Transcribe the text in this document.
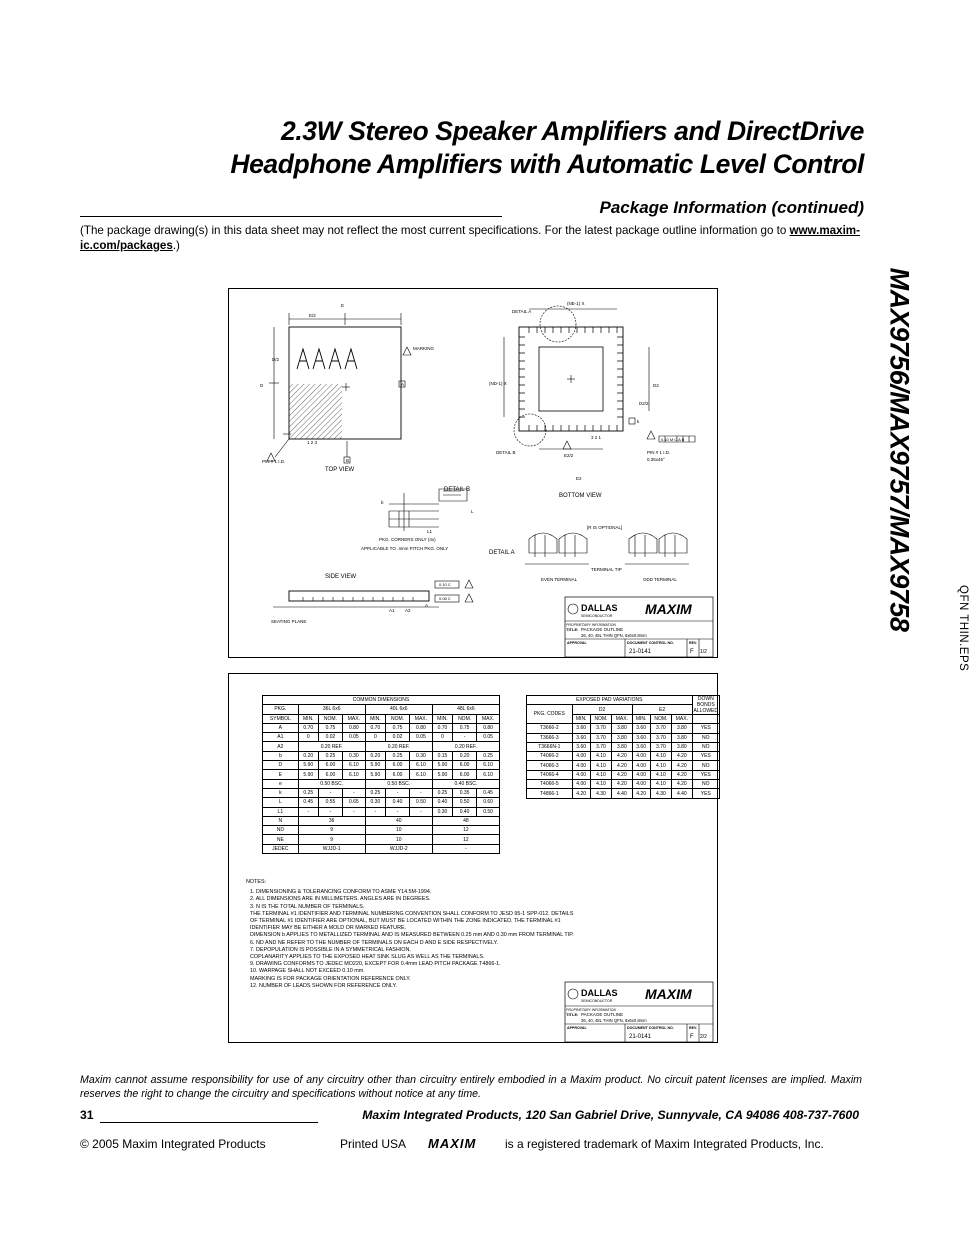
2.3W Stereo Speaker Amplifiers and DirectDrive
Headphone Amplifiers with Automatic Level Control
Package Information (continued)
(The package drawing(s) in this data sheet may not reflect the most current specifications. For the latest package outline information go to www.maxim-ic.com/packages.)
MAX9756/MAX9757/MAX9758
E
E/2
D/2
D	A
B
MARKING
1 2 3
PIN # 1 I.D.
TOP VIEW
(NE-1) X
DETAIL A
(ND-1) X	D2
D2/2
k
3 2 1
DETAIL B
E2/2
E2
PIN # 1 I.D.
0.35x45°
0.10 M C A B
BOTTOM VIEW
DETAIL B
b
L
L1
PKG. CORNERS ONLY (4x)
APPLICABLE TO .4mm PITCH PKG. ONLY
DETAIL A
[R IS OPTIONAL]
EVEN TERMINAL
TERMINAL TIP
ODD TERMINAL
SIDE VIEW
0.10 C
0.08 C
A1 A2
A
SEATING PLANE
DALLAS
SEMICONDUCTOR MAXIM
PROPRIETARY INFORMATION
TITLE: PACKAGE OUTLINE
36, 40, 48L THIN QFN, 6x6x0.8mm
APPROVAL	DOCUMENT CONTROL NO.	REV.
21-0141	F 1/2	QFN THIN.EPS
COMMON DIMENSIONS									
PKG.	36L 6x6			40L 6x6			48L 6x6		
SYMBOL	MIN.	NOM.	MAX.	MIN.	NOM.	MAX.	MIN.	NOM.	MAX.
A	0.70	0.75	0.80	0.70	0.75	0.80	0.70	0.75	0.80
A1	0	0.02	0.05	0	0.02	0.05	0	-	0.05
A2	0.20 REF.			0.20 REF.			0.20 REF.		
b	0.20	0.25	0.30	0.20	0.25	0.30	0.15	0.20	0.25
D	5.90	6.00	6.10	5.90	6.00	6.10	5.90	6.00	6.10
E	5.90	6.00	6.10	5.90	6.00	6.10	5.90	6.00	6.10
e	0.50 BSC.			0.50 BSC.			0.40 BSC.		
k	0.25	-	-	0.25	-	-	0.25	0.35	0.45
L	0.45	0.55	0.65	0.30	0.40	0.50	0.40	0.50	0.60
L1	-	-	-	-	-	-	0.30	0.40	0.50
N	36			40			48		
ND	9			10			12		
NE	9			10			12		
JEDEC	WJJD-1			WJJD-2			-		
EXPOSED PAD VARIATIONS							DOWN BONDS ALLOWED
PKG. CODES	D2			E2			
	MIN.	NOM.	MAX.	MIN.	NOM.	MAX.	
T3666-2	3.60	3.70	3.80	3.60	3.70	3.80	YES
T3666-3	3.60	3.70	3.80	3.60	3.70	3.80	NO
T3666N-1	3.60	3.70	3.80	3.60	3.70	3.80	NO
T4066-2	4.00	4.10	4.20	4.00	4.10	4.20	YES
T4066-3	4.00	4.10	4.20	4.00	4.10	4.20	NO
T4066-4	4.00	4.10	4.20	4.00	4.10	4.20	YES
T4066-5	4.00	4.10	4.20	4.00	4.10	4.20	NO
T4866-1	4.20	4.30	4.40	4.20	4.30	4.40	YES
NOTES:
1. DIMENSIONING & TOLERANCING CONFORM TO ASME Y14.5M-1994.
2. ALL DIMENSIONS ARE IN MILLIMETERS. ANGLES ARE IN DEGREES.
3. N IS THE TOTAL NUMBER OF TERMINALS.
THE TERMINAL #1 IDENTIFIER AND TERMINAL NUMBERING CONVENTION SHALL CONFORM TO JESD 95-1 SPP-012. DETAILS OF TERMINAL #1 IDENTIFIER ARE OPTIONAL, BUT MUST BE LOCATED WITHIN THE ZONE INDICATED. THE TERMINAL #1 IDENTIFIER MAY BE EITHER A MOLD OR MARKED FEATURE.
DIMENSION b APPLIES TO METALLIZED TERMINAL AND IS MEASURED BETWEEN 0.25 mm AND 0.30 mm FROM TERMINAL TIP.
6. ND AND NE REFER TO THE NUMBER OF TERMINALS ON EACH D AND E SIDE RESPECTIVELY.
7. DEPOPULATION IS POSSIBLE IN A SYMMETRICAL FASHION.
COPLANARITY APPLIES TO THE EXPOSED HEAT SINK SLUG AS WELL AS THE TERMINALS.
9. DRAWING CONFORMS TO JEDEC MO220, EXCEPT FOR 0.4mm LEAD PITCH PACKAGE T4866-1.
10. WARPAGE SHALL NOT EXCEED 0.10 mm.
MARKING IS FOR PACKAGE ORIENTATION REFERENCE ONLY.
12. NUMBER OF LEADS SHOWN FOR REFERENCE ONLY.
DALLAS
SEMICONDUCTOR MAXIM
PROPRIETARY INFORMATION
TITLE: PACKAGE OUTLINE
36, 40, 48L THIN QFN, 6x6x0.8mm
APPROVAL	DOCUMENT CONTROL NO.	REV.
21-0141	F 2/2
Maxim cannot assume responsibility for use of any circuitry other than circuitry entirely embodied in a Maxim product. No circuit patent licenses are implied. Maxim reserves the right to change the circuitry and specifications without notice at any time.
31	Maxim Integrated Products, 120 San Gabriel Drive, Sunnyvale, CA 94086 408-737-7600
© 2005 Maxim Integrated Products	Printed USA MAXIM is a registered trademark of Maxim Integrated Products, Inc.
